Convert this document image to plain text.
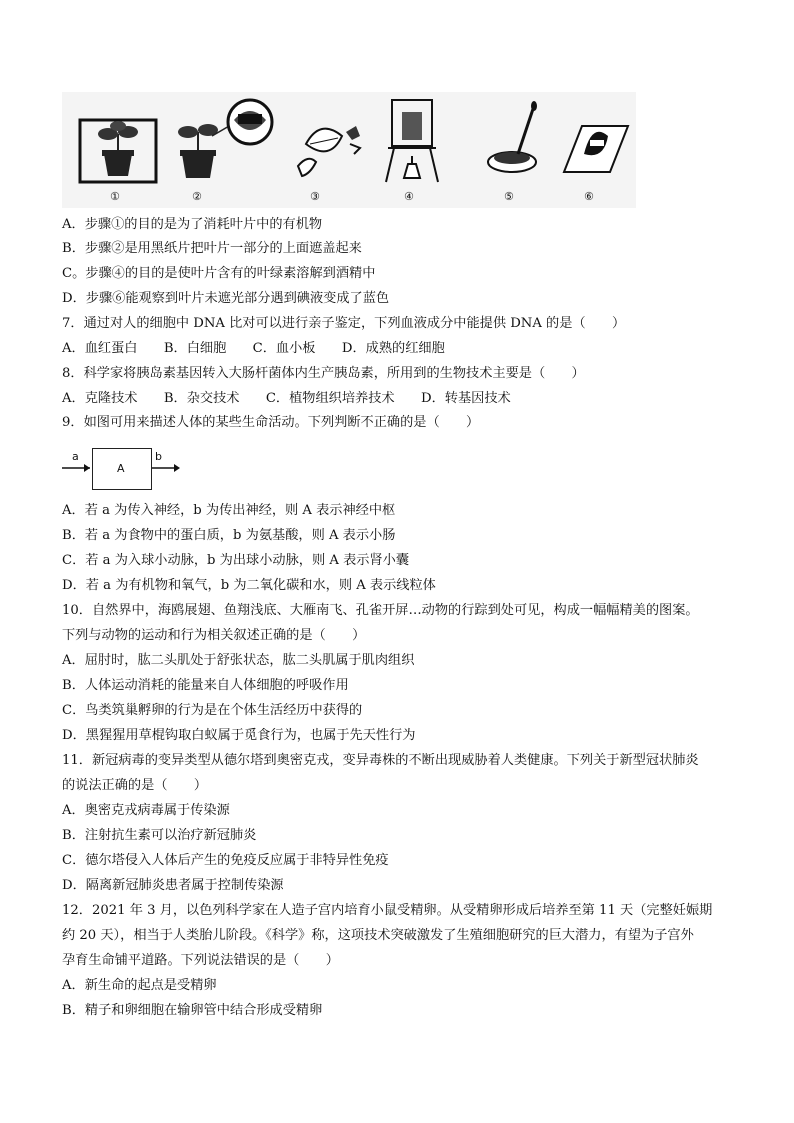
①	②	③	④	⑤	⑥
A．步骤①的目的是为了消耗叶片中的有机物
B．步骤②是用黑纸片把叶片一部分的上面遮盖起来
C。步骤④的目的是使叶片含有的叶绿素溶解到酒精中
D．步骤⑥能观察到叶片未遮光部分遇到碘液变成了蓝色
7．通过对人的细胞中 DNA 比对可以进行亲子鉴定，下列血液成分中能提供 DNA 的是（　　）
A．血红蛋白　　B．白细胞　　C．血小板　　D．成熟的红细胞
8．科学家将胰岛素基因转入大肠杆菌体内生产胰岛素，所用到的生物技术主要是（　　）
A．克隆技术　　B．杂交技术　　C．植物组织培养技术　　D．转基因技术
9．如图可用来描述人体的某些生命活动。下列判断不正确的是（　　）
a
A
b
A．若 a 为传入神经，b 为传出神经，则 A 表示神经中枢
B．若 a 为食物中的蛋白质，b 为氨基酸，则 A 表示小肠
C．若 a 为入球小动脉，b 为出球小动脉，则 A 表示肾小囊
D．若 a 为有机物和氧气，b 为二氧化碳和水，则 A 表示线粒体
10．自然界中，海鸥展翅、鱼翔浅底、大雁南飞、孔雀开屏…动物的行踪到处可见，构成一幅幅精美的图案。
下列与动物的运动和行为相关叙述正确的是（　　）
A．屈肘时，肱二头肌处于舒张状态，肱二头肌属于肌肉组织
B．人体运动消耗的能量来自人体细胞的呼吸作用
C．鸟类筑巢孵卵的行为是在个体生活经历中获得的
D．黑猩猩用草棍钩取白蚁属于觅食行为，也属于先天性行为
11．新冠病毒的变异类型从德尔塔到奥密克戎，变异毒株的不断出现威胁着人类健康。下列关于新型冠状肺炎
的说法正确的是（　　）
A．奥密克戎病毒属于传染源
B．注射抗生素可以治疗新冠肺炎
C．德尔塔侵入人体后产生的免疫反应属于非特异性免疫
D．隔离新冠肺炎患者属于控制传染源
12．2021 年 3 月，以色列科学家在人造子宫内培育小鼠受精卵。从受精卵形成后培养至第 11 天（完整妊娠期
约 20 天），相当于人类胎儿阶段。《科学》称，这项技术突破激发了生殖细胞研究的巨大潜力，有望为子宫外
孕育生命铺平道路。下列说法错误的是（　　）
A．新生命的起点是受精卵
B．精子和卵细胞在输卵管中结合形成受精卵
